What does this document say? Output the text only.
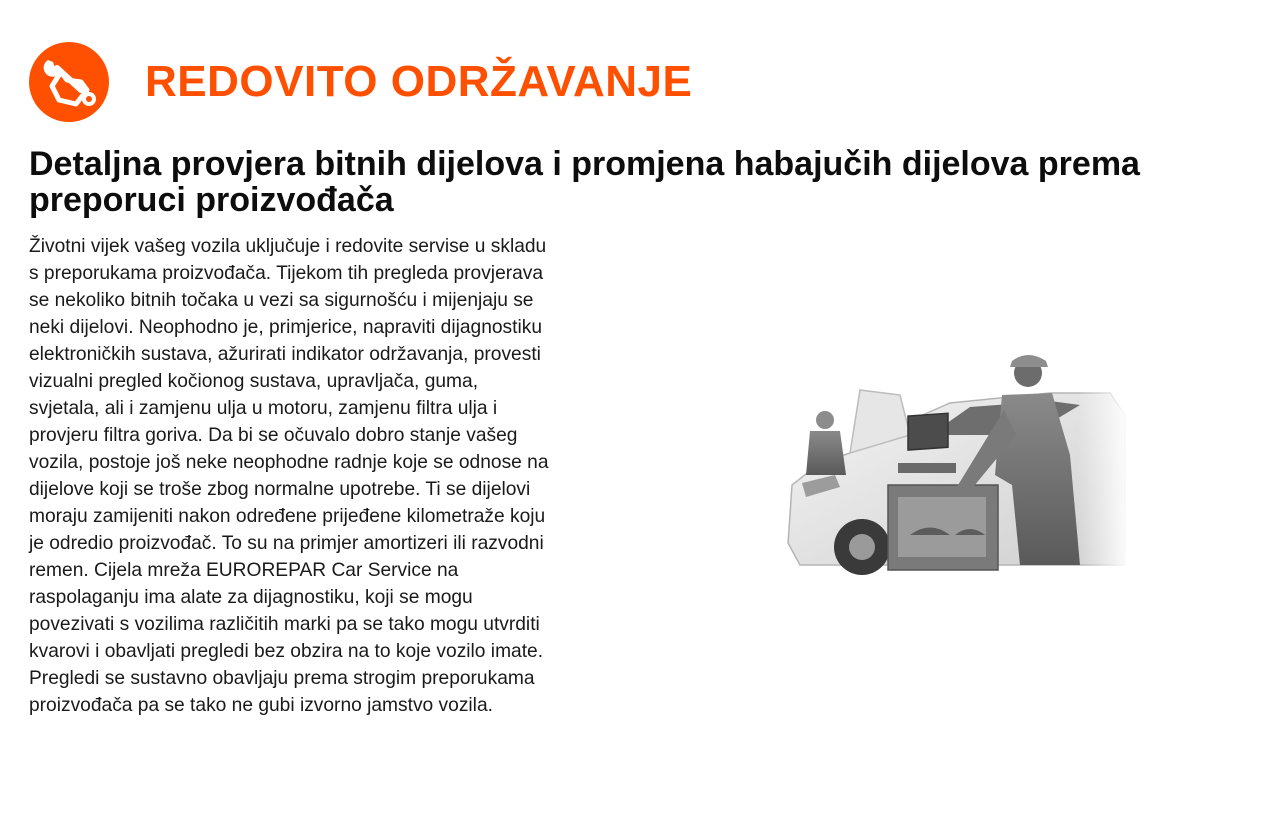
REDOVITO ODRŽAVANJE
Detaljna provjera bitnih dijelova i promjena habajučih dijelova prema preporuci proizvođača

Životni vijek vašeg vozila uključuje i redovite servise u skladu s preporukama proizvođača. Tijekom tih pregleda provjerava se nekoliko bitnih točaka u vezi sa sigurnošću i mijenjaju se neki dijelovi. Neophodno je, primjerice, napraviti dijagnostiku elektroničkih sustava, ažurirati indikator održavanja, provesti vizualni pregled kočionog sustava, upravljača, guma, svjetala, ali i zamjenu ulja u motoru, zamjenu filtra ulja i provjeru filtra goriva. Da bi se očuvalo dobro stanje vašeg vozila, postoje još neke neophodne radnje koje se odnose na dijelove koji se troše zbog normalne upotrebe. Ti se dijelovi moraju zamijeniti nakon određene prijeđene kilometraže koju je odredio proizvođač. To su na primjer amortizeri ili razvodni remen. Cijela mreža EUROREPAR Car Service na raspolaganju ima alate za dijagnostiku, koji se mogu povezivati s vozilima različitih marki pa se tako mogu utvrditi kvarovi i obavljati pregledi bez obzira na to koje vozilo imate. Pregledi se sustavno obavljaju prema strogim preporukama proizvođača pa se tako ne gubi izvorno jamstvo vozila.
